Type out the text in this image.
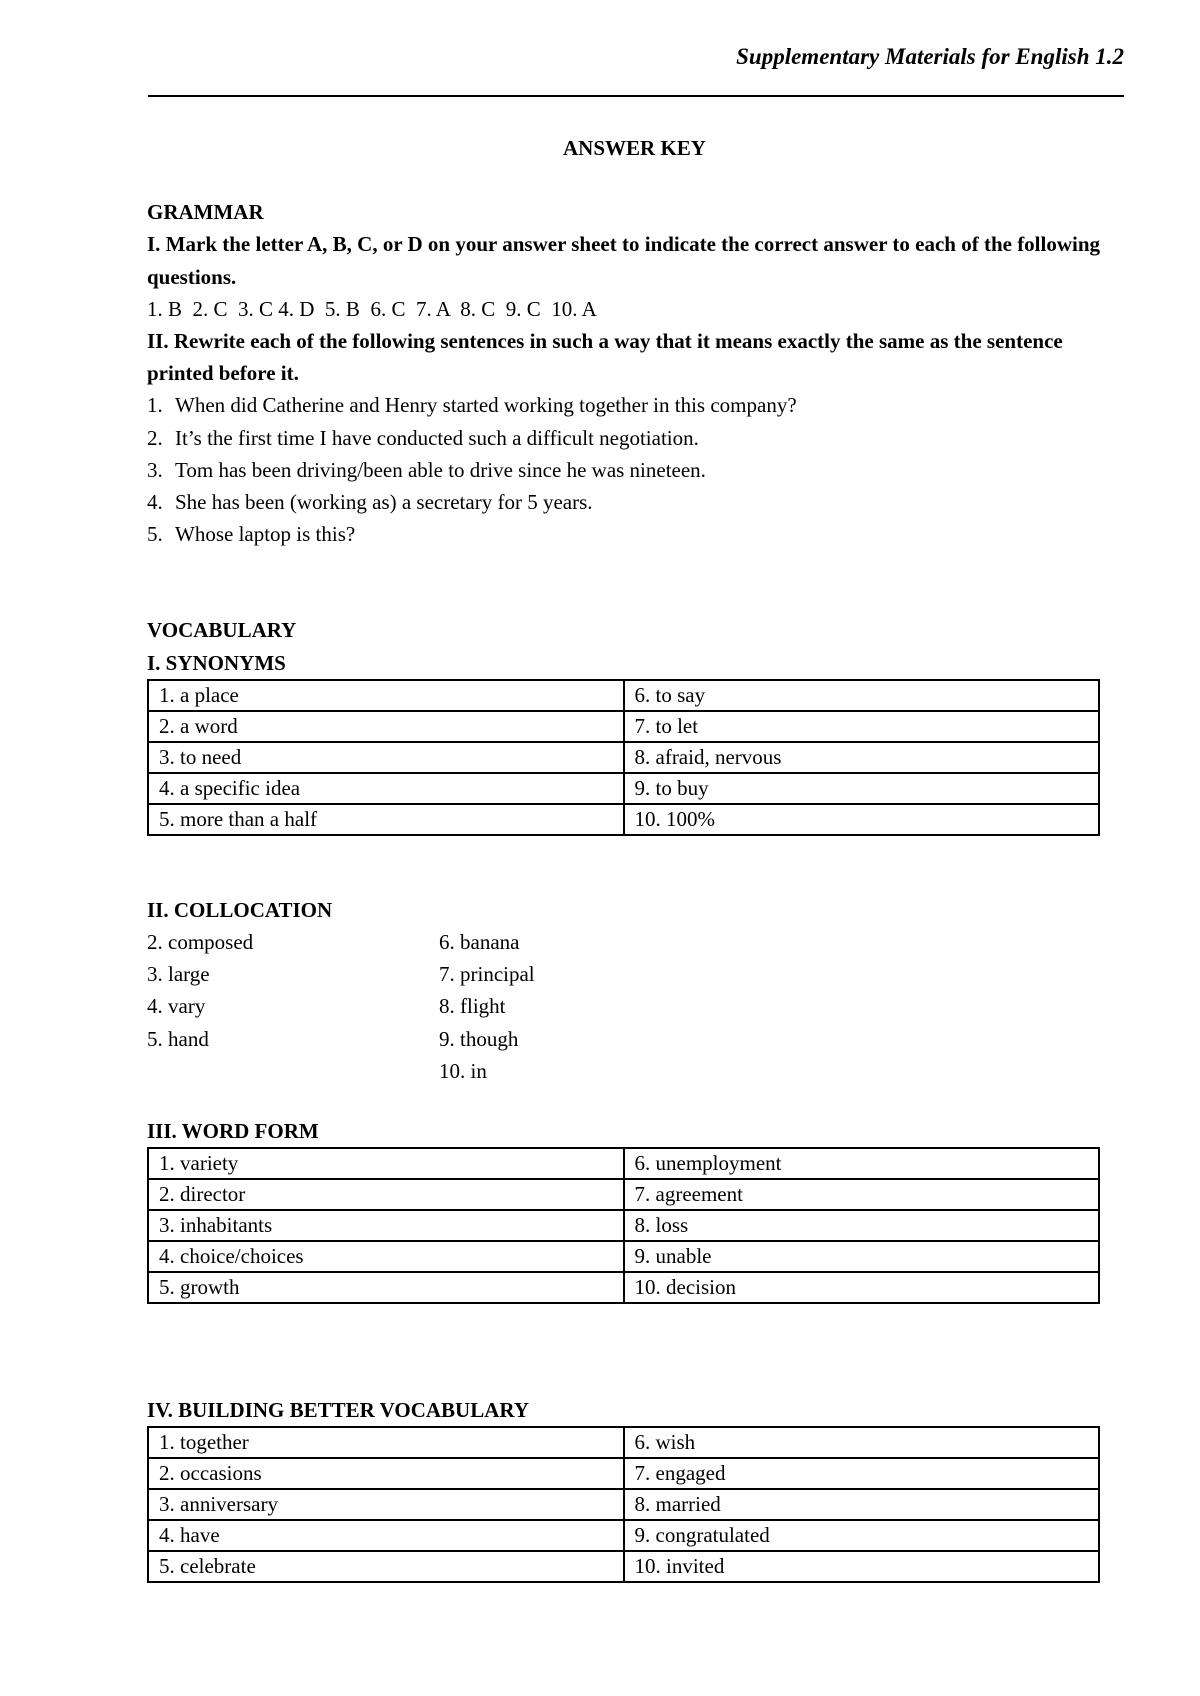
Supplementary Materials for English 1.2
ANSWER KEY
GRAMMAR
I. Mark the letter A, B, C, or D on your answer sheet to indicate the correct answer to each of the following questions.
1. B  2. C  3. C 4. D  5. B  6. C  7. A  8. C  9. C  10. A
II. Rewrite each of the following sentences in such a way that it means exactly the same as the sentence printed before it.
1. When did Catherine and Henry started working together in this company?
2. It’s the first time I have conducted such a difficult negotiation.
3. Tom has been driving/been able to drive since he was nineteen.
4. She has been (working as) a secretary for 5 years.
5. Whose laptop is this?
VOCABULARY
I. SYNONYMS
1. a place	6. to say
2. a word	7. to let
3. to need	8. afraid, nervous
4. a specific idea	9. to buy
5. more than a half	10. 100%
II. COLLOCATION
2. composed	6. banana
3. large	7. principal
4. vary	8. flight
5. hand	9. though
10. in
III. WORD FORM
1. variety	6. unemployment
2. director	7. agreement
3. inhabitants	8. loss
4. choice/choices	9. unable
5. growth	10. decision
IV. BUILDING BETTER VOCABULARY
1. together	6. wish
2. occasions	7. engaged
3. anniversary	8. married
4. have	9. congratulated
5. celebrate	10. invited
